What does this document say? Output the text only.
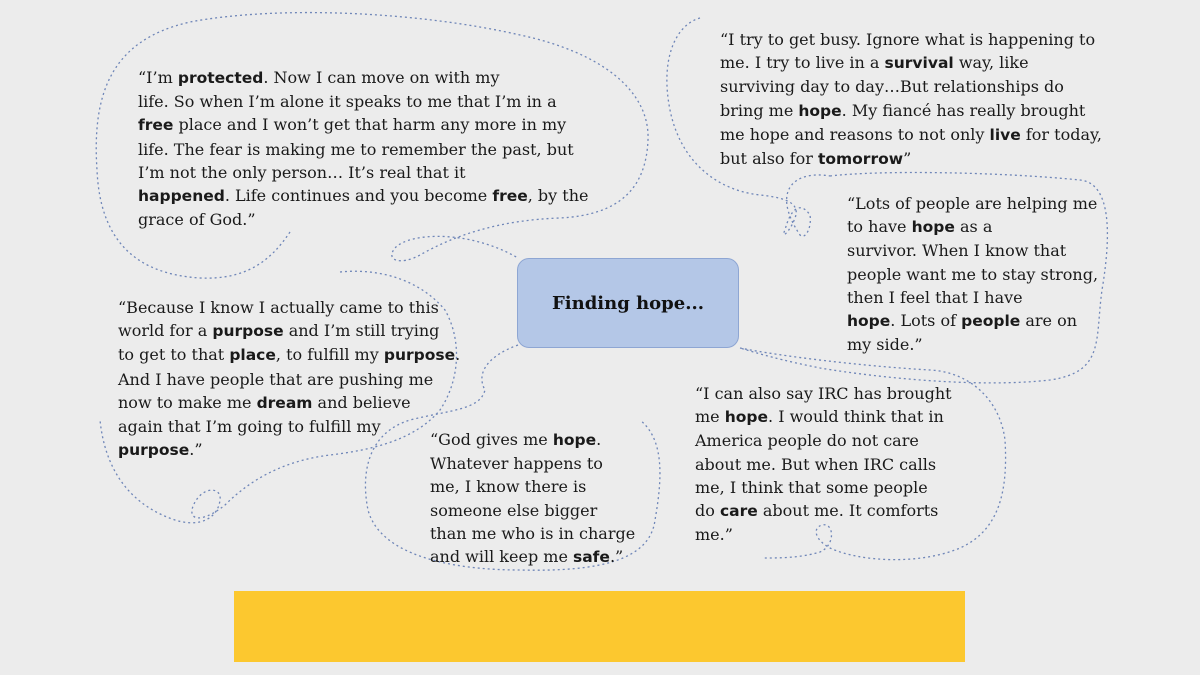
Finding hope...

“I’m protected. Now I can move on with my
life. So when I’m alone it speaks to me that I’m in a
free place and I won’t get that harm any more in my
life. The fear is making me to remember the past, but
I’m not the only person… It’s real that it
happened. Life continues and you become free, by the
grace of God.”

“I try to get busy. Ignore what is happening to
me. I try to live in a survival way, like
surviving day to day…But relationships do
bring me hope. My fiancé has really brought
me hope and reasons to not only live for today,
but also for tomorrow”

“Lots of people are helping me
to have hope as a
survivor. When I know that
people want me to stay strong,
then I feel that I have
hope. Lots of people are on
my side.”

“Because I know I actually came to this
world for a purpose and I’m still trying
to get to that place, to fulfill my purpose.
And I have people that are pushing me
now to make me dream and believe
again that I’m going to fulfill my
purpose.”

“God gives me hope.
Whatever happens to
me, I know there is
someone else bigger
than me who is in charge
and will keep me safe.”

“I can also say IRC has brought
me hope. I would think that in
America people do not care
about me. But when IRC calls
me, I think that some people
do care about me. It comforts
me.”
